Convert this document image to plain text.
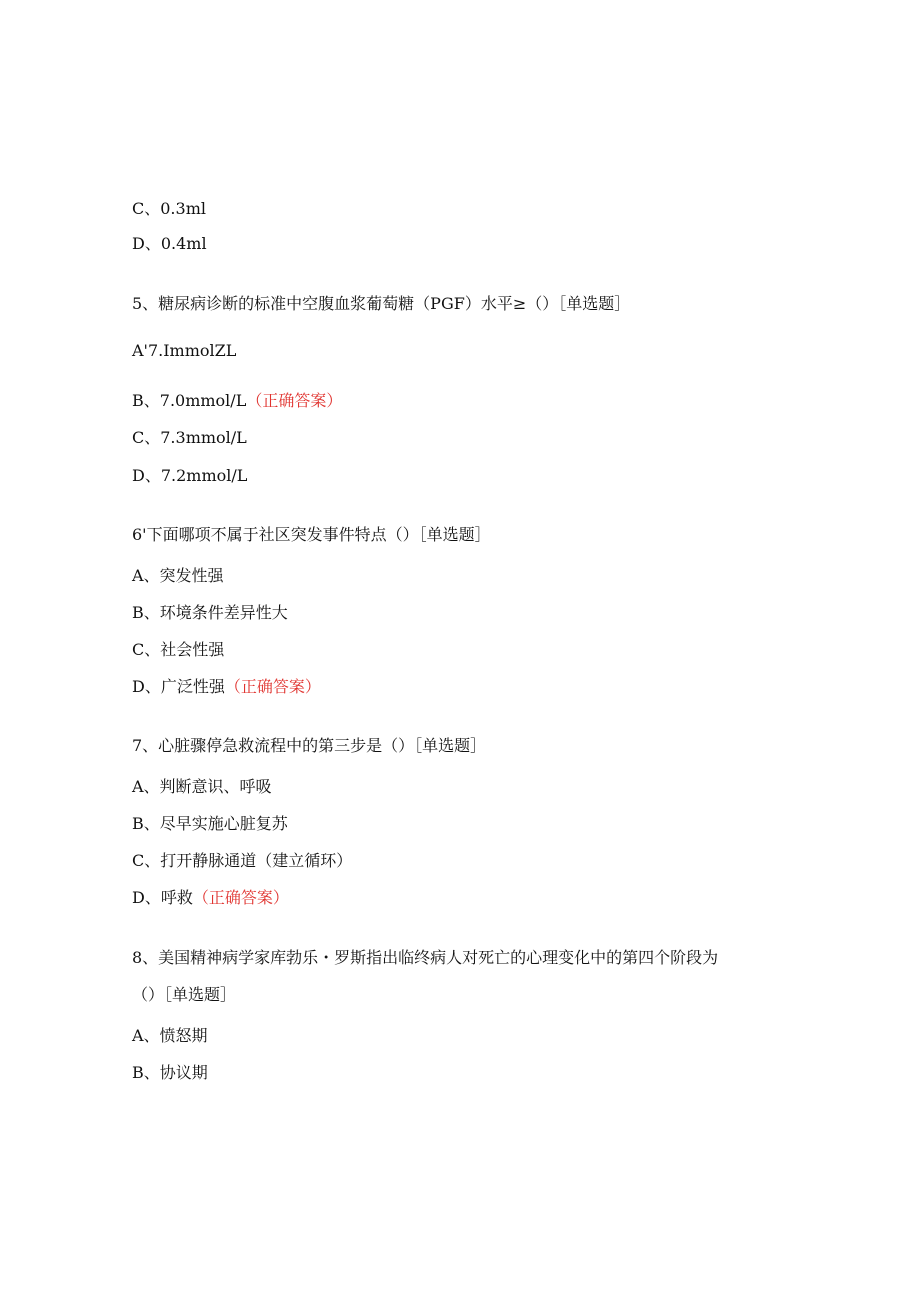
C、0.3ml
D、0.4ml
5、糖尿病诊断的标准中空腹血浆葡萄糖（PGF）水平≥（）［单选题］
A'7.ImmolZL
B、7.0mmol∕L（正确答案）
C、7.3mmol∕L
D、7.2mmol∕L
6'下面哪项不属于社区突发事件特点（）［单选题］
A、突发性强
B、环境条件差异性大
C、社会性强
D、广泛性强（正确答案）
7、心脏骤停急救流程中的第三步是（）［单选题］
A、判断意识、呼吸
B、尽早实施心脏复苏
C、打开静脉通道（建立循环）
D、呼救（正确答案）
8、美国精神病学家库勃乐・罗斯指出临终病人对死亡的心理变化中的第四个阶段为
（）［单选题］
A、愤怒期
B、协议期
